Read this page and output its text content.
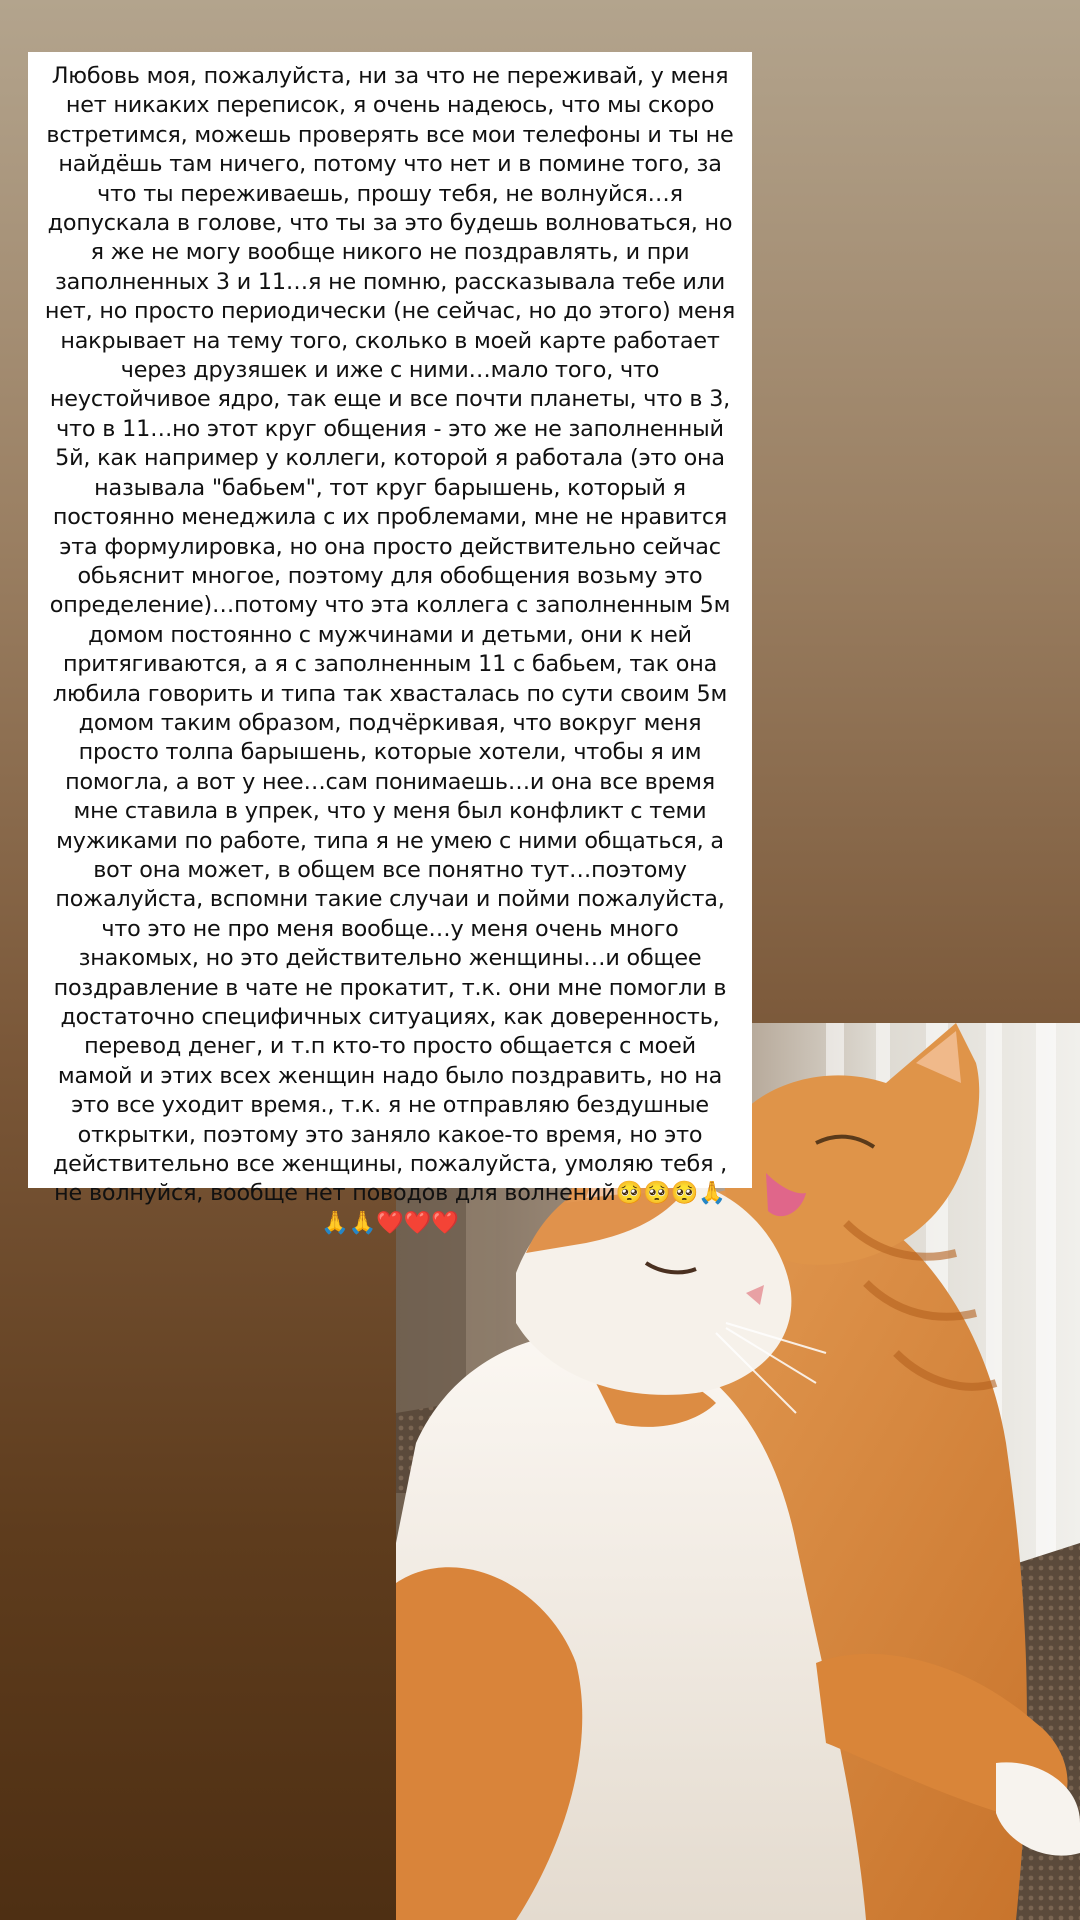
Любовь моя, пожалуйста, ни за что не переживай, у меня нет никаких переписок, я очень надеюсь, что мы скоро встретимся, можешь проверять все мои телефоны и ты не найдёшь там ничего, потому что нет и в помине того, за что ты переживаешь, прошу тебя, не волнуйся…я допускала в голове, что ты за это будешь волноваться, но я же не могу вообще никого не поздравлять, и при заполненных 3 и 11…я не помню, рассказывала тебе или нет, но просто периодически (не сейчас, но до этого) меня накрывает на тему того, сколько в моей карте работает через друзяшек и иже с ними…мало того, что неустойчивое ядро, так еще и все почти планеты, что в 3, что в 11…но этот круг общения - это же не заполненный 5й, как например у коллеги, которой я работала (это она называла "бабьем", тот круг барышень, который я постоянно менеджила с их проблемами, мне не нравится эта формулировка, но она просто действительно сейчас обьяснит многое, поэтому для обобщения возьму это определение)…потому что эта коллега с заполненным 5м домом постоянно с мужчинами и детьми, они к ней притягиваются, а я с заполненным 11 с бабьем, так она любила говорить и типа так хвасталась по сути своим 5м домом таким образом, подчёркивая, что вокруг меня просто толпа барышень, которые хотели, чтобы я им помогла, а вот у нее…сам понимаешь…и она все время мне ставила в упрек, что у меня был конфликт с теми мужиками по работе, типа я не умею с ними общаться, а вот она может, в общем все понятно тут…поэтому пожалуйста, вспомни такие случаи и пойми пожалуйста, что это не про меня вообще…у меня очень много знакомых, но это действительно женщины…и общее поздравление в чате не прокатит, т.к. они мне помогли в достаточно специфичных ситуациях, как доверенность, перевод денег, и т.п кто-то просто общается с моей мамой и этих всех женщин надо было поздравить, но на это все уходит время., т.к. я не отправляю бездушные открытки, поэтому это заняло какое-то время, но это действительно все женщины, пожалуйста, умоляю тебя , не волнуйся, вообще нет поводов для волнений🥺🥺🥺🙏🙏🙏❤️❤️❤️
